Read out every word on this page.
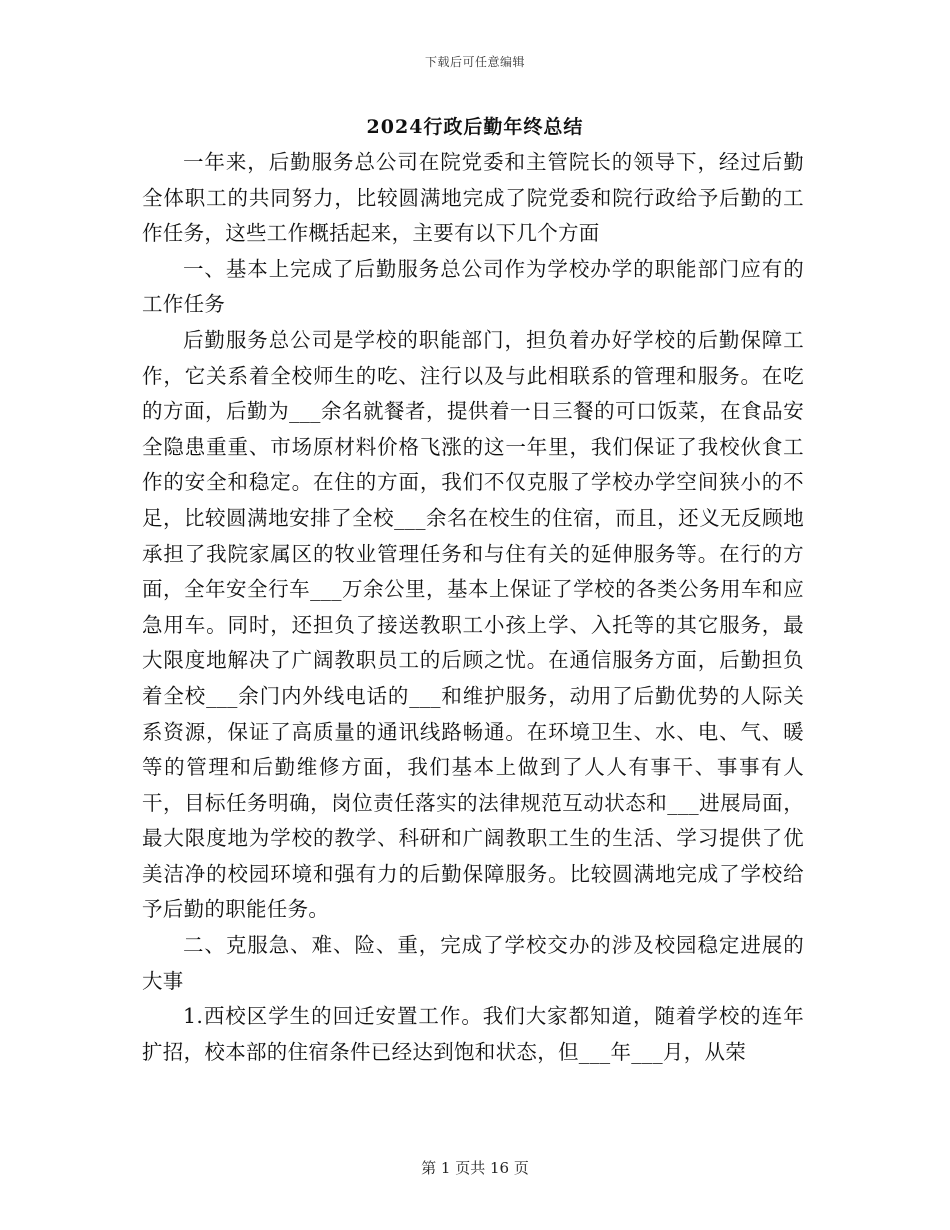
下载后可任意编辑
2024行政后勤年终总结

一年来，后勤服务总公司在院党委和主管院长的领导下，经过后勤全体职工的共同努力，比较圆满地完成了院党委和院行政给予后勤的工作任务，这些工作概括起来，主要有以下几个方面

一、基本上完成了后勤服务总公司作为学校办学的职能部门应有的工作任务

后勤服务总公司是学校的职能部门，担负着办好学校的后勤保障工作，它关系着全校师生的吃、注行以及与此相联系的管理和服务。在吃的方面，后勤为___余名就餐者，提供着一日三餐的可口饭菜，在食品安全隐患重重、市场原材料价格飞涨的这一年里，我们保证了我校伙食工作的安全和稳定。在住的方面，我们不仅克服了学校办学空间狭小的不足，比较圆满地安排了全校___余名在校生的住宿，而且，还义无反顾地承担了我院家属区的牧业管理任务和与住有关的延伸服务等。在行的方面，全年安全行车___万余公里，基本上保证了学校的各类公务用车和应急用车。同时，还担负了接送教职工小孩上学、入托等的其它服务，最大限度地解决了广阔教职员工的后顾之忧。在通信服务方面，后勤担负着全校___余门内外线电话的___和维护服务，动用了后勤优势的人际关系资源，保证了高质量的通讯线路畅通。在环境卫生、水、电、气、暖等的管理和后勤维修方面，我们基本上做到了人人有事干、事事有人干，目标任务明确，岗位责任落实的法律规范互动状态和___进展局面，最大限度地为学校的教学、科研和广阔教职工生的生活、学习提供了优美洁净的校园环境和强有力的后勤保障服务。比较圆满地完成了学校给予后勤的职能任务。

二、克服急、难、险、重，完成了学校交办的涉及校园稳定进展的大事

1.西校区学生的回迁安置工作。我们大家都知道，随着学校的连年扩招，校本部的住宿条件已经达到饱和状态，但___年___月，从荣

第 1 页共 16 页
